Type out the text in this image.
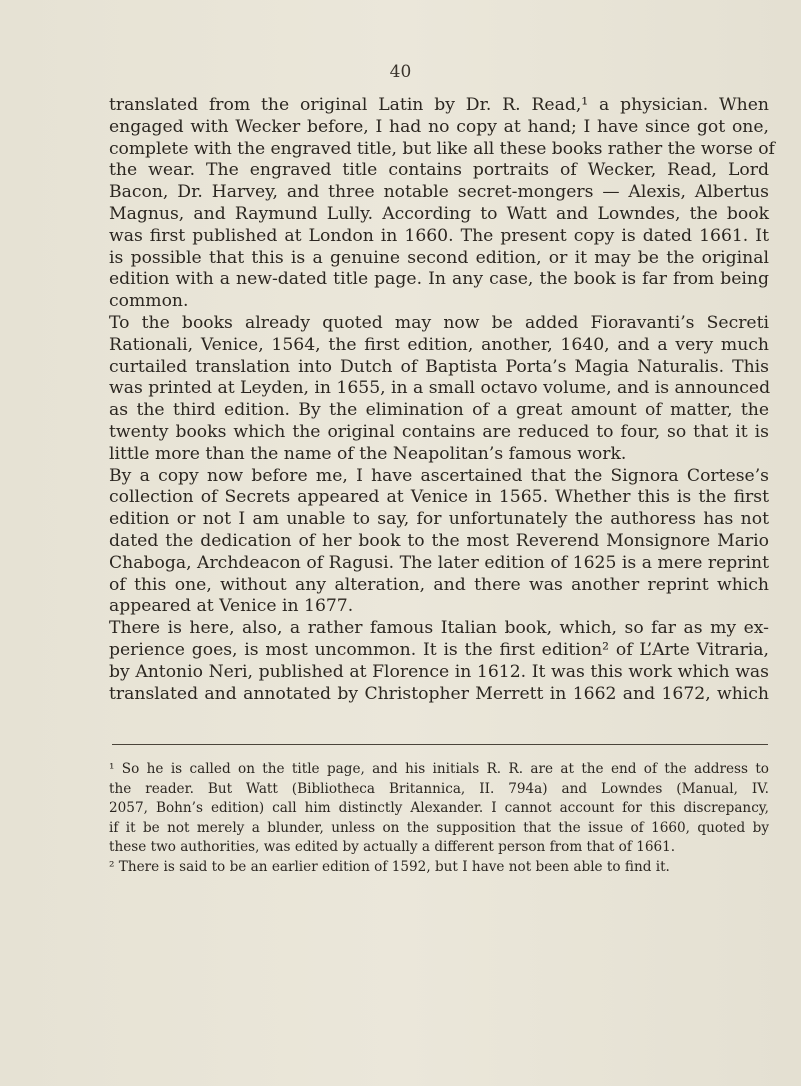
40
translated from the original Latin by Dr. R. Read,¹ a physician. When
engaged with Wecker before, I had no copy at hand; I have since got one,
complete with the engraved title, but like all these books rather the worse of
the wear. The engraved title contains portraits of Wecker, Read, Lord
Bacon, Dr. Harvey, and three notable secret-mongers — Alexis, Albertus
Magnus, and Raymund Lully. According to Watt and Lowndes, the book
was first published at London in 1660. The present copy is dated 1661. It
is possible that this is a genuine second edition, or it may be the original
edition with a new-dated title page. In any case, the book is far from being
common.
To the books already quoted may now be added Fioravanti’s Secreti
Rationali, Venice, 1564, the first edition, another, 1640, and a very much
curtailed translation into Dutch of Baptista Porta’s Magia Naturalis. This
was printed at Leyden, in 1655, in a small octavo volume, and is announced
as the third edition. By the elimination of a great amount of matter, the
twenty books which the original contains are reduced to four, so that it is
little more than the name of the Neapolitan’s famous work.
By a copy now before me, I have ascertained that the Signora Cortese’s
collection of Secrets appeared at Venice in 1565. Whether this is the first
edition or not I am unable to say, for unfortunately the authoress has not
dated the dedication of her book to the most Reverend Monsignore Mario
Chaboga, Archdeacon of Ragusi. The later edition of 1625 is a mere reprint
of this one, without any alteration, and there was another reprint which
appeared at Venice in 1677.
There is here, also, a rather famous Italian book, which, so far as my ex-
perience goes, is most uncommon. It is the first edition² of L’Arte Vitraria,
by Antonio Neri, published at Florence in 1612. It was this work which was
translated and annotated by Christopher Merrett in 1662 and 1672, which
¹ So he is called on the title page, and his initials R. R. are at the end of the address to
the reader. But Watt (Bibliotheca Britannica, II. 794a) and Lowndes (Manual, IV.
2057, Bohn’s edition) call him distinctly Alexander. I cannot account for this discrepancy,
if it be not merely a blunder, unless on the supposition that the issue of 1660, quoted by
these two authorities, was edited by actually a different person from that of 1661.
² There is said to be an earlier edition of 1592, but I have not been able to find it.
